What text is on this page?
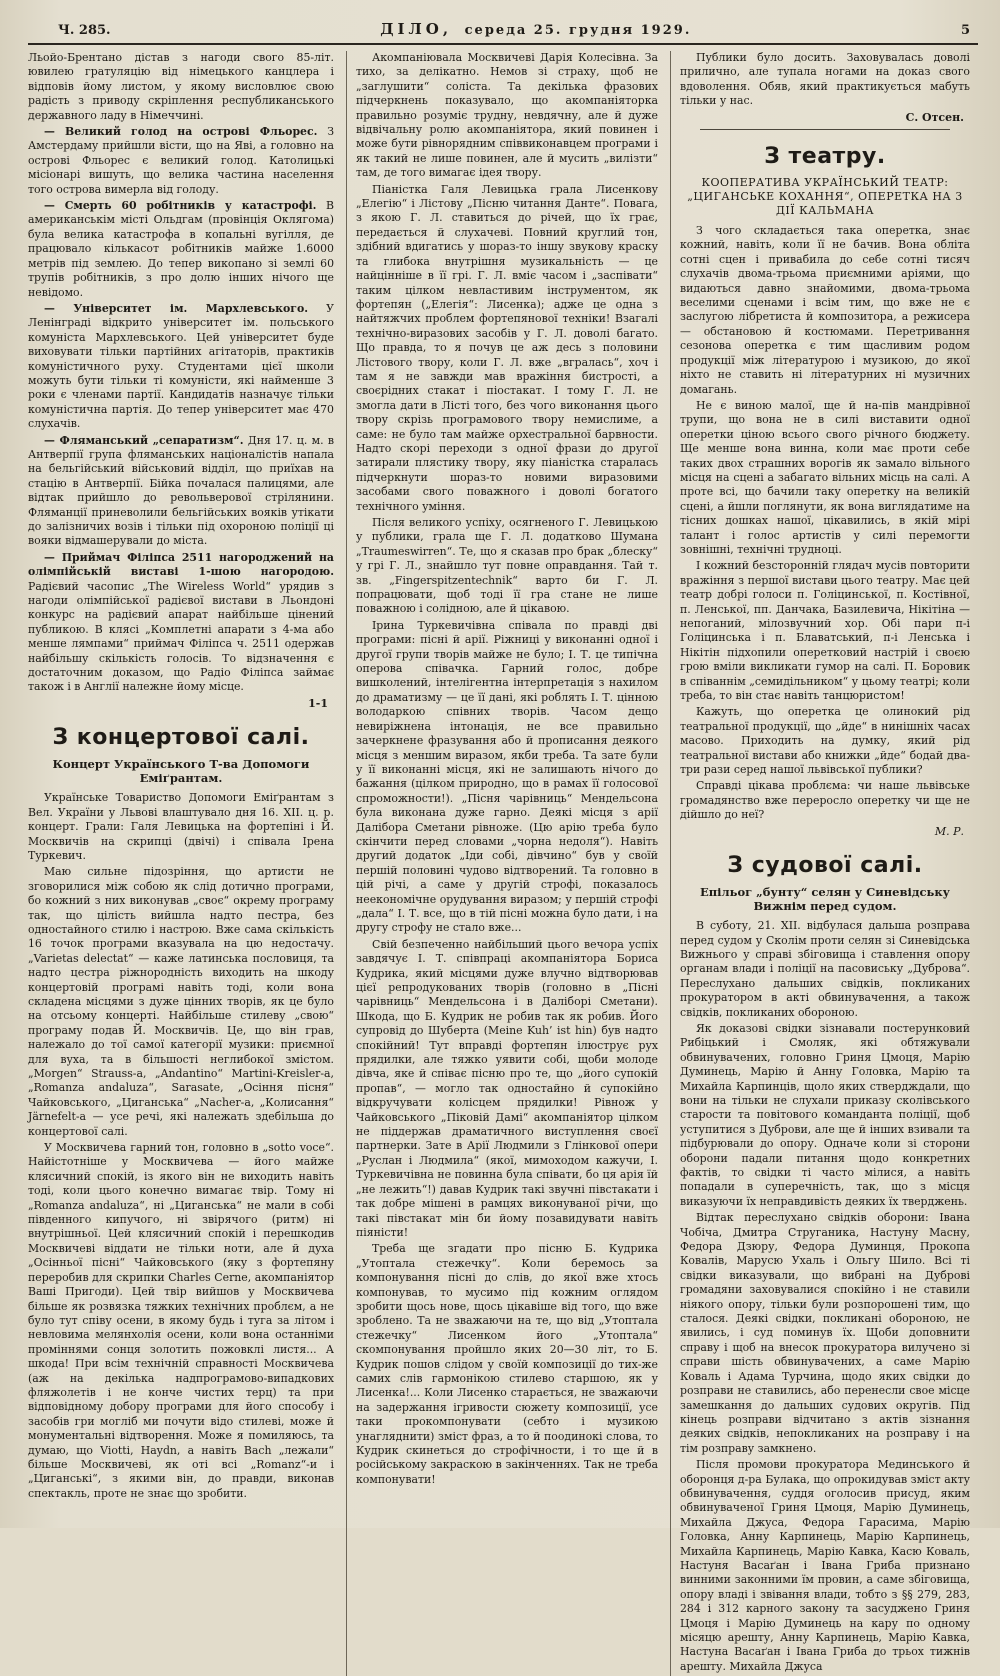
Ч. 285.	ДІЛО, середа 25. грудня 1929.	5

Льойо-Брентано дістав з нагоди свого 85-літ. ювилею гратуляцію від німецького канцлера і відповів йому листом, у якому висловлює свою радість з приводу скріплення республиканського державного ладу в Німеччині.

— Великий голод на острові Фльорес. З Амстердаму прийшли вісти, що на Яві, а головно на острові Фльорес є великий голод. Католицькі місіонарі вишуть, що велика частина населення того острова вимерла від голоду.

— Смерть 60 робітників у катастрофі. В американськім місті Ольдгам (провінція Оклягома) була велика катастрофа в копальні вугілля, де працювало кількасот робітників майже 1.6000 метрів під землею. До тепер викопано зі землі 60 трупів робітників, з про долю інших нічого ще невідомо.

— Університет ім. Мархлевського. У Ленінграді відкрито університет ім. польського комуніста Мархлевського. Цей університет буде виховувати тільки партійних агітаторів, практиків комуністичного руху. Студентами цієї школи можуть бути тільки ті комуністи, які найменше 3 роки є членами партії. Кандидатів назначує тільки комуністична партія. До тепер університет має 470 слухачів.

— Фляманський „сепаратизм“. Дня 17. ц. м. в Антверпії група фляманських націоналістів напала на бельгійський військовий відділ, що приїхав на стацію в Антверпії. Бійка почалася палицями, але відтак прийшло до револьверової стрілянини. Фляманції приневолили бельгійських вояків утікати до залізничих возів і тільки під охороною поліції ці вояки відмашерували до міста.

— Приймач Філіпса 2511 нагороджений на олімпійській виставі 1-шою нагородою. Радієвий часопис „The Wireless World“ урядив з нагоди олімпійської радієвої вистави в Льондоні конкурс на радієвий апарат найбільше цінений публикою. В клясі „Комплетні апарати з 4-ма або менше лямпами“ приймач Філіпса ч. 2511 одержав найбільшу скількість голосів. То відзначення є достаточним доказом, що Радіо Філіпса займає також і в Англії належне йому місце.

1-1
З концертової салі.
Концерт Українського Т-ва Допомоги Еміґрантам.

Українське Товариство Допомоги Еміґрантам з Вел. України у Львові влаштувало дня 16. XII. ц. р. концерт. Грали: Галя Левицька на фортепіні і Й. Москвичів на скрипці (двічі) і співала Ірена Туркевич.

Маю сильне підозріння, що артисти не зговорилися між собою як слід дотично програми, бо кожний з них виконував „своє“ окрему програму так, що цілість вийшла надто пестра, без одностайного стилю і настрою. Вже сама скількість 16 точок програми вказувала на цю недостачу. „Varietas delectat“ — каже латинська пословиця, та надто цестра ріжнородність виходить на шкоду концертовій програмі навіть тоді, коли вона складена місцями з дуже цінних творів, як це було на отсьому концерті. Найбільше стилеву „свою“ програму подав Й. Москвичів. Це, що він грав, належало до тої самої категорії музики: приємної для вуха, та в більшості неглибокої змістом. „Morgen“ Strauss-a, „Andantino“ Martini-Kreisler-a, „Romanza andaluza“, Sarasate, „Осіння пісня“ Чайковського, „Циганська“ „Nacher-a, „Колисання“ Järnefelt-a — усе речі, які належать здебільша до концертової салі.

У Москвичева гарний тон, головно в „sotto voce“. Найістотніше у Москвичева — його майже клясичний спокій, із якого він не виходить навіть тоді, коли цього конечно вимагає твір. Тому ні „Romanza andaluza“, ні „Циганська“ не мали в собі південного кипучого, ні звірячого (ритм) ні внутрішньої. Цей клясичний спокій і перешкодив Москвичеві віддати не тільки ноти, але й духа „Осінньої пісні“ Чайковського (яку з фортепяну переробив для скрипки Charles Cerne, акомпаніятор Ваші Пригоди). Цей твір вийшов у Москвичева більше як розвязка тяжких технічних проблєм, а не було тут співу осени, в якому будь і туга за літом і невловима мелянхолія осени, коли вона останніми проміннями сонця золотить пожовклі листя... А шкода! При всім технічній справності Москвичева (аж на декілька надпрограмово-випадкових фляжолетів і не конче чистих терц) та при відповідному добору програми для його способу і засобів гри могліб ми почути відо стилеві, може й монументальні відтворення. Може я помиляюсь, та думаю, що Viotti, Haydn, а навіть Bach „лежали“ більше Москвичеві, як оті всі „Romanz“-и і „Циганські“, з якими він, до правди, виконав спектакль, проте не знає що зробити.

Акомпаніювала Москвичеві Дарія Колесівна. За тихо, за делікатно. Немов зі страху, щоб не „заглушити“ соліста. Та декілька фразових підчеркнень показувало, що акомпаніяторка правильно розуміє трудну, невдячну, але й дуже відвічальну ролю акомпаніятора, який повинен і може бути рівнорядним співвиконавцем програми і як такий не лише повинен, але й мусить „вилізти“ там, де того вимагає ідея твору.

Піаністка Галя Левицька грала Лисенкову „Елегію“ і Лістову „Пісню читання Данте“. Повага, з якою Г. Л. ставиться до річей, що їх грає, передається й слухачеві. Повний круглий тон, здібний вдигатись у шораз-то іншу звукову краску та глибока внутрішня музикальність — це найцінніше в її грі. Г. Л. вміє часом і „заспівати“ таким цілком невластивим інструментом, як фортепян („Елегія“: Лисенка); адже це одна з найтяжчих проблем фортепянової техніки! Взагалі технічно-виразових засобів у Г. Л. доволі багато. Що правда, то я почув це аж десь з половини Лістового твору, коли Г. Л. вже „вгралась“, хоч і там я не завжди мав вражіння бистрості, а своєрідних стакат і піостакат. І тому Г. Л. не змогла дати в Лісті того, без чого виконання цього твору скрізь програмового твору немислиме, а саме: не було там майже орхестральної барвности. Надто скорі переходи з одної фрази до другої затирали плястику твору, яку піаністка старалась підчеркнути шораз-то новими виразовими засобами свого поважного і доволі богатого технічного уміння.

Після великого успіху, осягненого Г. Левицькою у публики, грала ще Г. Л. додатково Шумана „Traumeswirren“. Те, що я сказав про брак „блеску“ у грі Г. Л., знайшло тут повне оправдання. Тай т. зв. „Fingerspitzentechnik“ варто би Г. Л. попрацювати, щоб тоді її гра стане не лише поважною і солідною, але й цікавою.

Ірина Туркевичівна співала по правді дві програми: пісні й арії. Ріжниці у виконанні одної і другої групи творів майже не було; І. Т. це типічна оперова співачка. Гарний голос, добре вишколений, інтелігентна інтерпретація з нахилом до драматизму — це її дані, які роблять І. Т. цінною володаркою співних творів. Часом дещо невиріжнена інтонація, не все правильно зачеркнене фразування або й прописання деякого місця з меншим виразом, якби треба. Та зате були у її виконанні місця, які не залишають нічого до бажання (цілком природно, що в рамах її голосової спроможности!). „Пісня чарівниць“ Мендельсона була виконана дуже гарно. Деякі місця з арії Далібора Сметани рівноже. (Цю арію треба було скінчити перед словами „чорна недоля“). Навіть другий додаток „Іди собі, дівчино“ був у своїй першій половині чудово відтворений. Та головно в цій річі, а саме у другій строфі, показалось неекономічне орудування виразом; у першій строфі „дала“ І. Т. все, що в тій пісні можна було дати, і на другу строфу не стало вже...

Свій безпеченно найбільший цього вечора успіх завдячує І. Т. співпраці акомпаніятора Бориса Кудрика, який місцями дуже влучно відтворював цієї репродукованих творів (головно в „Пісні чарівниць“ Мендельсона і в Даліборі Сметани). Шкода, що Б. Кудрик не робив так як робив. Його супровід до Шуберта (Meine Kuh’ ist hin) був надто спокійний! Тут вправді фортепян ілюструє рух прядилки, але тяжко уявити собі, щоби молоде дівча, яке й співає пісню про те, що „його супокій пропав“, — могло так одностайно й супокійно відкручувати колісцем прядилки! Рівнож у Чайковського „Піковій Дамі“ акомпаніятор цілком не піддержав драматичного виступлення своєї партнерки. Зате в Арії Людмили з Глінкової опери „Руслан і Людмила“ (якої, мимоходом кажучи, І. Туркевичівна не повинна була співати, бо ця арія їй „не лежить“!) давав Кудрик такі звучні півстакати і так добре мішені в рамцях виконуваної річи, що такі півстакат мін би йому позавидувати навіть піяністи!

Треба ще згадати про пісню Б. Кудрика „Утоптала стежечку“. Коли беремось за компонування пісні до слів, до якої вже хтось компонував, то мусимо під кожним оглядом зробити щось нове, щось цікавіше від того, що вже зроблено. Та не зважаючи на те, що від „Утоптала стежечку“ Лисенком його „Утоптала“ скомпонування пройшло яких 20—30 літ, то Б. Кудрик пошов слідом у своїй композиції до тих-же самих слів гармонікою стилево старшою, як у Лисенка!... Коли Лисенко старається, не зважаючи на задержання ігривости сюжету композиції, усе таки прокомпонувати (себто і музикою унагляднити) зміст фраз, а то й поодинокі слова, то Кудрик скинеться до строфічности, і то ще й в російському закраскою в закінченнях. Так не треба компонувати!

Публики було досить. Заховувалась доволі прилично, але тупала ногами на доказ свого вдоволення. Обяв, який практикується мабуть тільки у нас.

С. Отсен.
З театру.
КООПЕРАТИВА УКРАЇНСЬКИЙ ТЕАТР: „ЦИГАНСЬКЕ КОХАННЯ“, ОПЕРЕТКА НА 3 ДІЇ КАЛЬМАНА

З чого складається така оперетка, знає кожний, навіть, коли її не бачив. Вона обліта сотні сцен і привабила до себе сотні тисяч слухачів двома-трьома приємними аріями, що видаються давно знайомими, двома-трьома веселими сценами і всім тим, що вже не є заслугою лібретиста й композитора, а режисера — обстановою й костюмами. Перетривання сезонова оперетка є тим щасливим родом продукції між літературою і музикою, до якої ніхто не ставить ні літературних ні музичних домагань.

Не є виною малої, ще й на-пів мандрівної трупи, що вона не в силі виставити одної оперетки ціною всього свого річного бюджету. Ще менше вона винна, коли має проти себе таких двох страшних ворогів як замало вільного місця на сцені а забагато вільних місць на салі. А проте всі, що бачили таку оперетку на великій сцені, а йшли поглянути, як вона виглядатиме на тісних дошках нашої, цікавились, в якій мірі талант і голос артистів у силі перемогти зовнішні, технічні трудноці.

І кожний безсторонній глядач мусів повторити вражіння з першої вистави цього театру. Має цей театр добрі голоси п. Голіцинської, п. Костівної, п. Ленської, пп. Данчака, Базилевича, Нікітіна — непоганий, мілозвучний хор. Обі пари п-і Голіцинська і п. Блаватський, п-і Ленська і Нікітін підхопили оперетковий настрій і своєю грою вміли викликати гумор на салі. П. Боровик в співаннім „семидільником“ у цьому театрі; коли треба, то він стає навіть танцюристом!

Кажуть, що оперетка це олинокий рід театральної продукції, що „йде“ в нинішніх часах масово. Приходить на думку, який рід театральної вистави або книжки „йде“ бодай два-три рази серед нашої львівської публики?

Справді цікава проблєма: чи наше львівське громадянство вже переросло оперетку чи ще не дійшло до неї?

М. Р.
З судової салі.
Епільог „бунту“ селян у Синевідську Вижнім перед судом.

В суботу, 21. XII. відбулася дальша розправа перед судом у Сколім проти селян зі Синевідська Вижнього у справі збіговища і ставлення опору органам влади і поліції на пасовиську „Дуброва“. Переслухано дальших свідків, покликаних прокуратором в акті обвинувачення, а також свідків, покликаних обороною.

Як доказові свідки зізнавали постерунковий Рибіцький і Смоляк, які обтяжували обвинувачених, головно Гриня Цмоця, Марію Думинець, Марію й Анну Головка, Марію та Михайла Карпинців, щоло яких ствердждали, що вони на тільки не слухали приказу сколівського старости та повітового команданта поліції, щоб уступитися з Дуброви, але ще й інших взивали та підбурювали до опору. Одначе коли зі сторони оборони падали питання щодо конкретних фактів, то свідки ті часто мілися, а навіть попадали в суперечність, так, що з місця виказуючи їх неправдивість деяких їх тверджень.

Відтак переслухано свідків оборони: Івана Чобіча, Дмитра Струганика, Настуну Масну, Федора Дзюру, Федора Думинця, Прокопа Ковалів, Марусю Ухаль і Ольгу Шило. Всі ті свідки виказували, що вибрані на Дуброві громадяни заховувалися спокійно і не ставили ніякого опору, тільки були розпорошені тим, що сталося. Деякі свідки, покликані обороною, не явились, і суд поминув їх. Щоби доповнити справу і щоб на внесок прокуратора вилучено зі справи шість обвинувачених, а саме Марію Коваль і Адама Турчина, щодо яких свідки до розправи не ставились, або перенесли свое місце замешкання до дальших судових округів. Під кінець розправи відчитано з актів зізнання деяких свідків, непокликаних на розправу і на тім розправу замкнено.

Після промови прокуратора Мединського й оборонця д-ра Булака, що опрокидував зміст акту обвинувачення, суддя оголосив присуд, яким обвинуваченої Гриня Цмоця, Марію Думинець, Михайла Джуса, Федора Гарасима, Марію Головка, Анну Карпинець, Марію Карпинець, Михайла Карпинець, Марію Кавка, Касю Коваль, Настуня Васаґан і Івана Гриба признано винними законними їм провин, а саме збіговища, опору владі і звівання влади, тобто з §§ 279, 283, 284 і 312 карного закону та засуджено Гриня Цмоця і Марію Думинець на кару по одному місяцю арешту, Анну Карпинець, Марію Кавка, Настуна Васаґан і Івана Гриба до трьох тижнів арешту. Михайла Джуса
